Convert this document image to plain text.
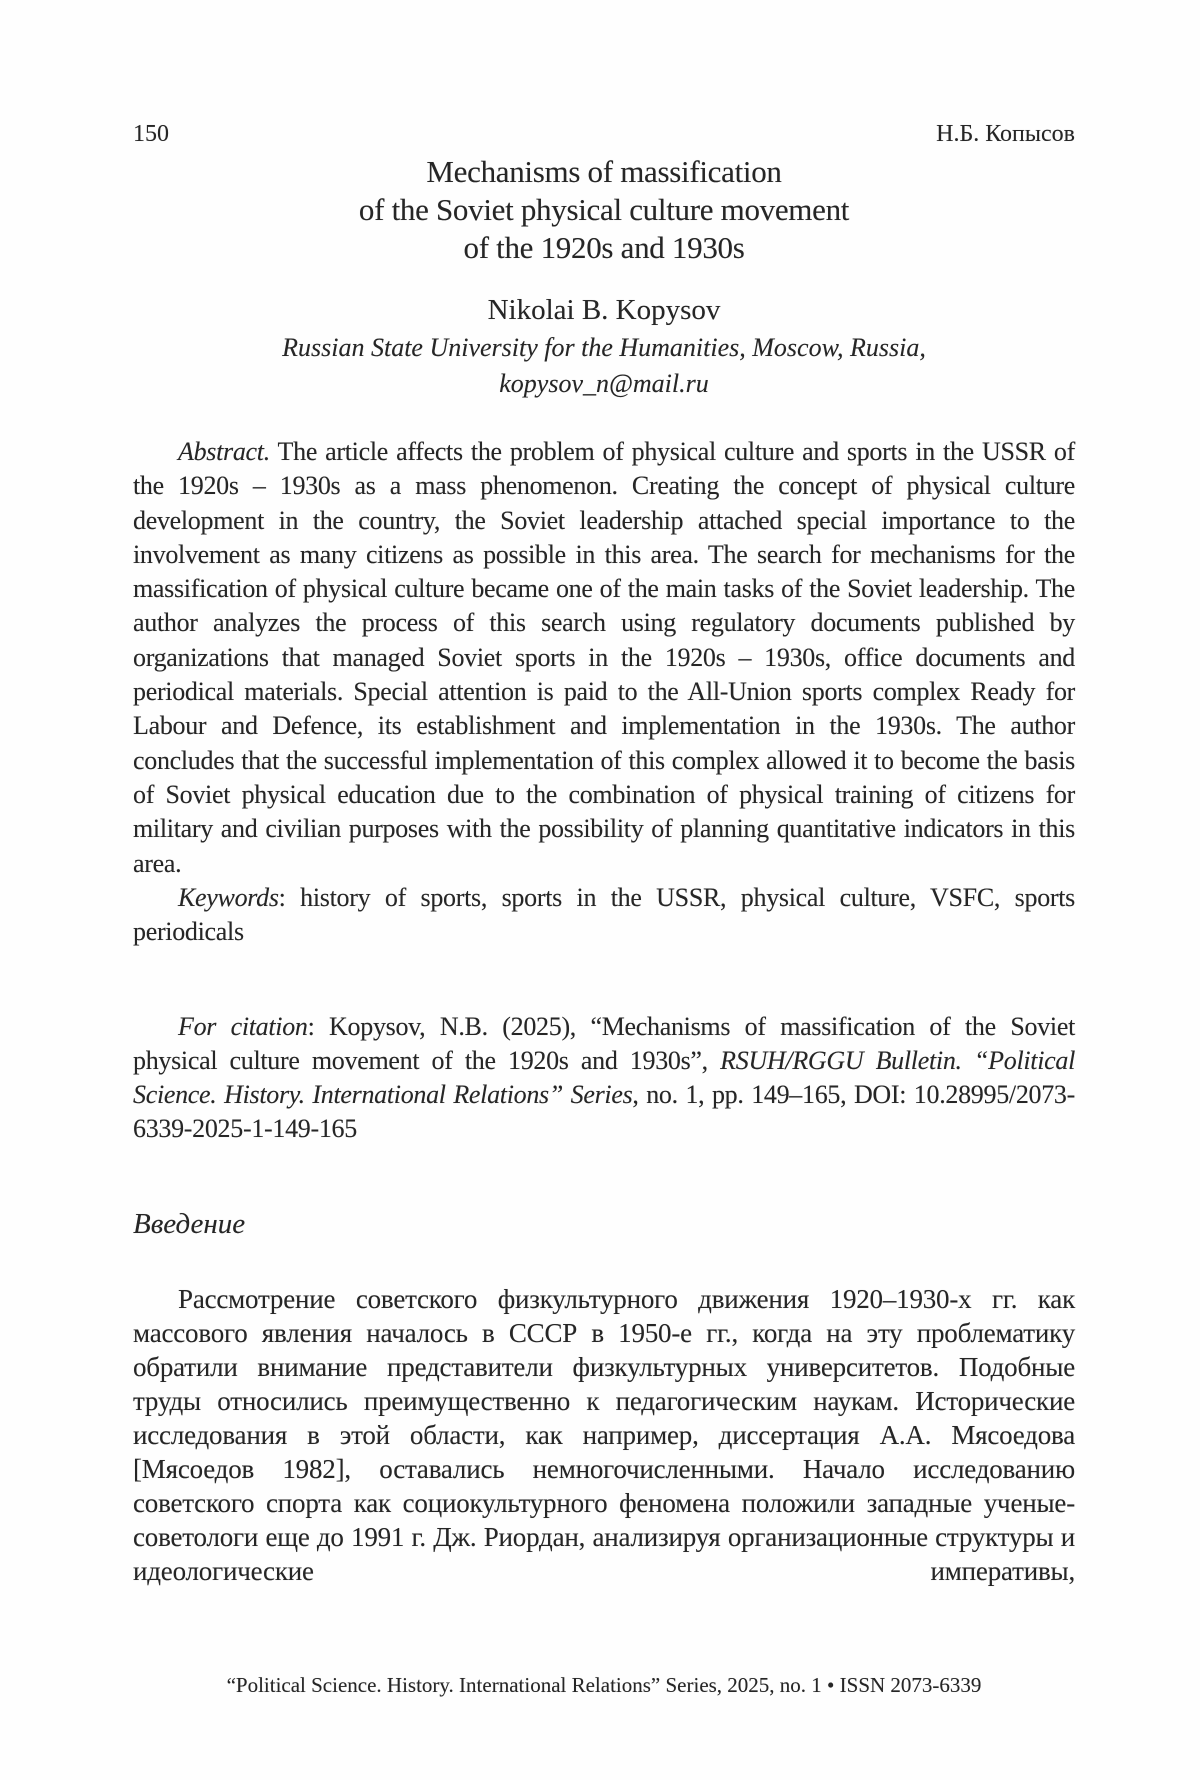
150	Н.Б. Копысов
Mechanisms of massification
of the Soviet physical culture movement
of the 1920s and 1930s
Nikolai B. Kopysov
Russian State University for the Humanities, Moscow, Russia,
kopysov_n@mail.ru

Abstract. The article affects the problem of physical culture and sports in the USSR of the 1920s – 1930s as a mass phenomenon. Creating the concept of physical culture development in the country, the Soviet leadership attached special importance to the involvement as many citizens as possible in this area. The search for mechanisms for the massification of physical culture became one of the main tasks of the Soviet leadership. The author analyzes the process of this search using regulatory documents published by organizations that managed Soviet sports in the 1920s – 1930s, office documents and periodical materials. Special attention is paid to the All-Union sports complex Ready for Labour and Defence, its establishment and implementation in the 1930s. The author concludes that the successful implementation of this complex allowed it to become the basis of Soviet physical education due to the combination of physical training of citizens for military and civilian purposes with the possibility of planning quantitative indicators in this area.

Keywords: history of sports, sports in the USSR, physical culture, VSFC, sports periodicals

For citation: Kopysov, N.B. (2025), “Mechanisms of massification of the Soviet physical culture movement of the 1920s and 1930s”, RSUH/RGGU Bulletin. “Political Science. History. International Relations” Series, no. 1, pp. 149–165, DOI: 10.28995/2073-6339-2025-1-149-165

Введение

Рассмотрение советского физкультурного движения 1920–1930-х гг. как массового явления началось в СССР в 1950-е гг., когда на эту проблематику обратили внимание представители физкультурных университетов. Подобные труды относились преимущественно к педагогическим наукам. Исторические исследования в этой области, как например, диссертация А.А. Мясоедова [Мясоедов 1982], оставались немногочисленными. Начало исследованию советского спорта как социокультурного феномена положили западные ученые-советологи еще до 1991 г. Дж. Риордан, анализируя организационные структуры и идеологические императивы,

“Political Science. History. International Relations” Series, 2025, no. 1 • ISSN 2073-6339
